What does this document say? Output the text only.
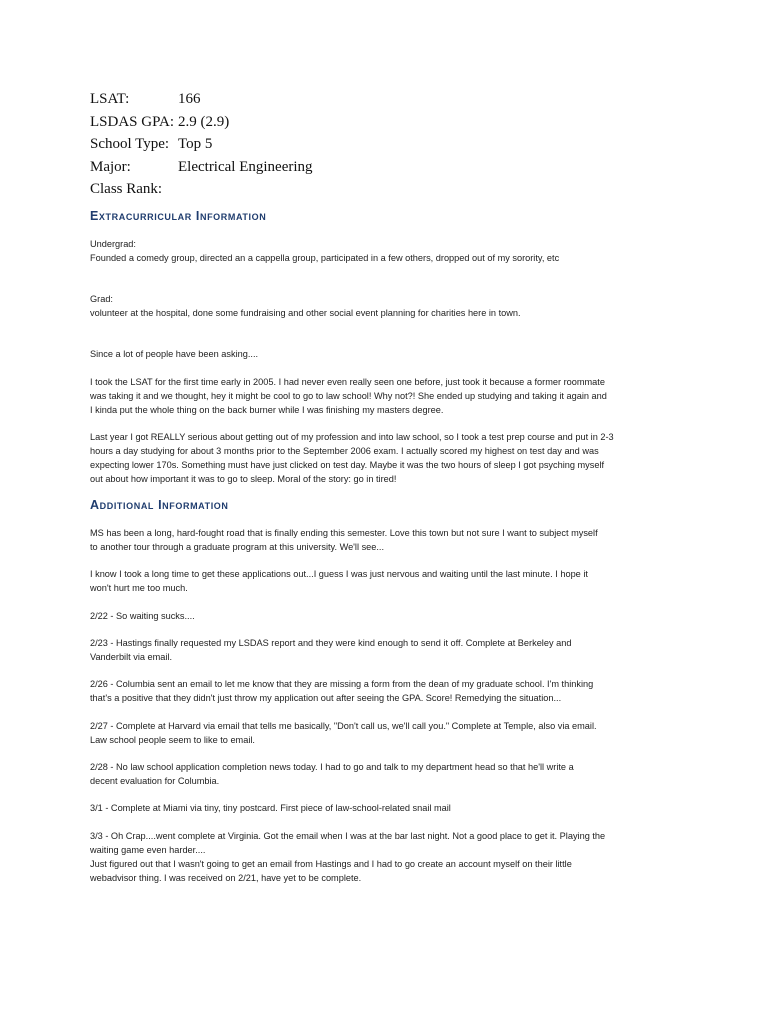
LSAT:	166
LSDAS GPA: 2.9 (2.9)
School Type: Top 5
Major:	Electrical Engineering
Class Rank:
Extracurricular Information

Undergrad:
Founded a comedy group, directed an a cappella group, participated in a few others, dropped out of my sorority, etc

Grad:
volunteer at the hospital, done some fundraising and other social event planning for charities here in town.

Since a lot of people have been asking....

I took the LSAT for the first time early in 2005. I had never even really seen one before, just took it because a former roommate
was taking it and we thought, hey it might be cool to go to law school! Why not?! She ended up studying and taking it again and
I kinda put the whole thing on the back burner while I was finishing my masters degree.

Last year I got REALLY serious about getting out of my profession and into law school, so I took a test prep course and put in 2-3
hours a day studying for about 3 months prior to the September 2006 exam. I actually scored my highest on test day and was
expecting lower 170s. Something must have just clicked on test day. Maybe it was the two hours of sleep I got psyching myself
out about how important it was to go to sleep. Moral of the story: go in tired!

Additional Information

MS has been a long, hard-fought road that is finally ending this semester. Love this town but not sure I want to subject myself
to another tour through a graduate program at this university. We'll see...

I know I took a long time to get these applications out...I guess I was just nervous and waiting until the last minute. I hope it
won't hurt me too much.

2/22 - So waiting sucks....

2/23 - Hastings finally requested my LSDAS report and they were kind enough to send it off. Complete at Berkeley and
Vanderbilt via email.

2/26 - Columbia sent an email to let me know that they are missing a form from the dean of my graduate school. I'm thinking
that's a positive that they didn't just throw my application out after seeing the GPA. Score! Remedying the situation...

2/27 - Complete at Harvard via email that tells me basically, "Don't call us, we'll call you." Complete at Temple, also via email.
Law school people seem to like to email.

2/28 - No law school application completion news today. I had to go and talk to my department head so that he'll write a
decent evaluation for Columbia.

3/1 - Complete at Miami via tiny, tiny postcard. First piece of law-school-related snail mail

3/3 - Oh Crap....went complete at Virginia. Got the email when I was at the bar last night. Not a good place to get it. Playing the
waiting game even harder....
Just figured out that I wasn't going to get an email from Hastings and I had to go create an account myself on their little
webadvisor thing. I was received on 2/21, have yet to be complete.
